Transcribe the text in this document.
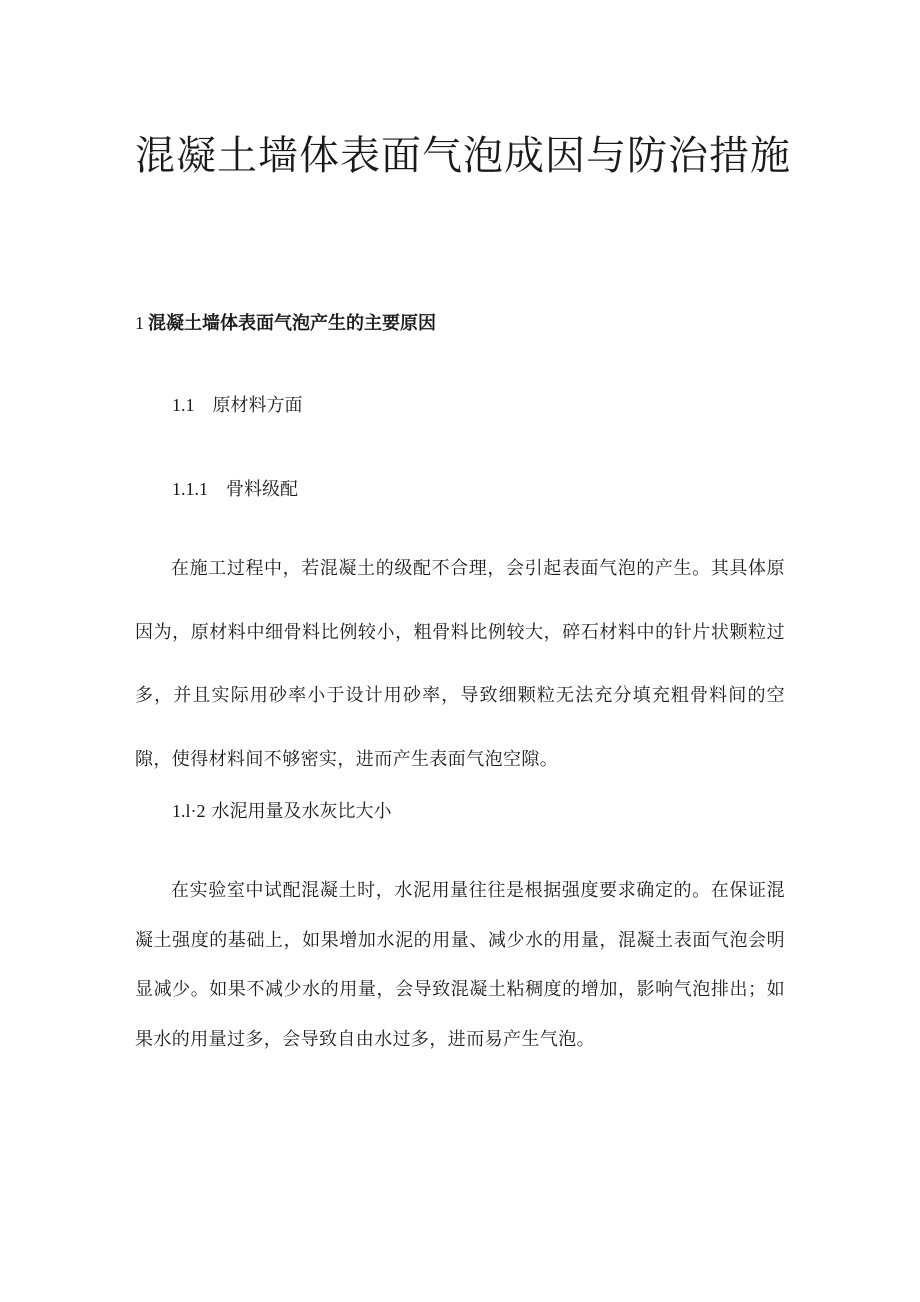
混凝土墙体表面气泡成因与防治措施
1 混凝土墙体表面气泡产生的主要原因
1.1 原材料方面
1.1.1 骨料级配

在施工过程中，若混凝土的级配不合理，会引起表面气泡的产生。其具体原因为，原材料中细骨料比例较小，粗骨料比例较大，碎石材料中的针片状颗粒过多，并且实际用砂率小于设计用砂率，导致细颗粒无法充分填充粗骨料间的空隙，使得材料间不够密实，进而产生表面气泡空隙。

1.l·2 水泥用量及水灰比大小

在实验室中试配混凝土时，水泥用量往往是根据强度要求确定的。在保证混凝土强度的基础上，如果增加水泥的用量、减少水的用量，混凝土表面气泡会明显减少。如果不减少水的用量，会导致混凝土粘稠度的增加，影响气泡排出；如果水的用量过多，会导致自由水过多，进而易产生气泡。
